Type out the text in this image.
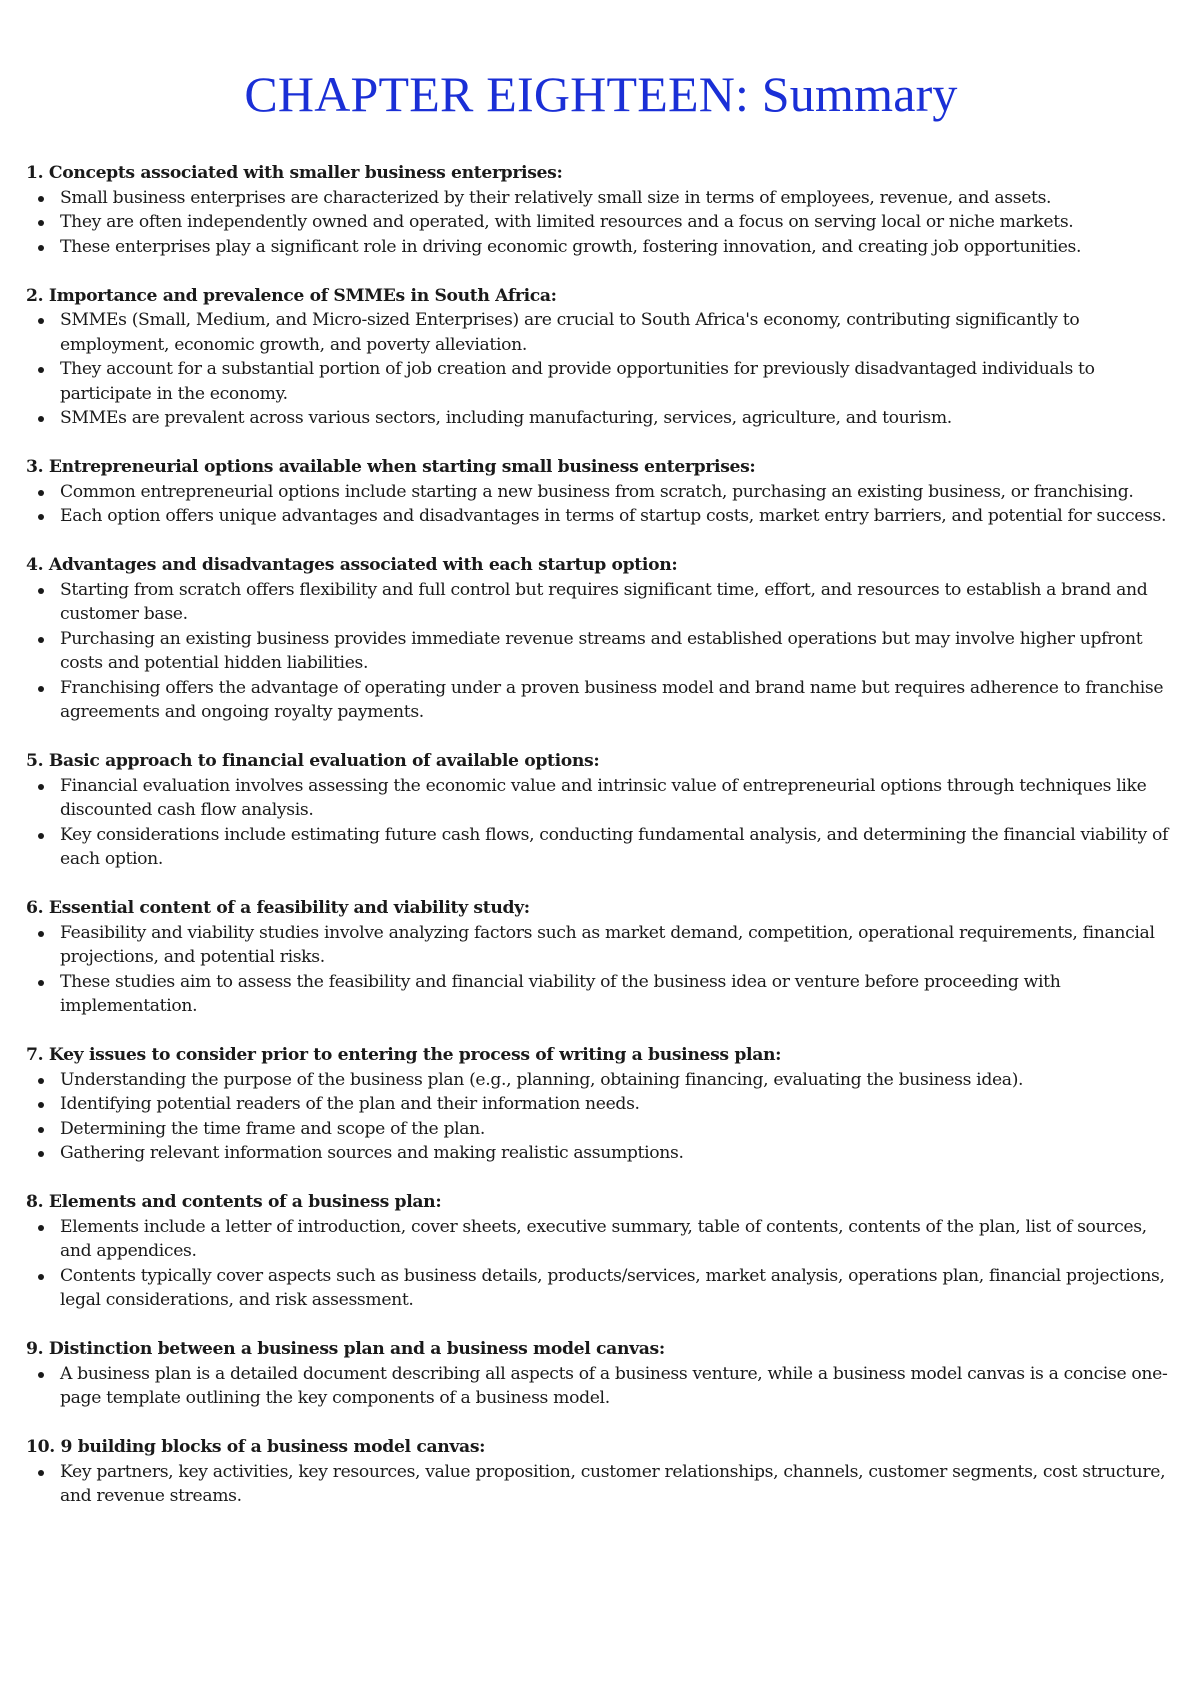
CHAPTER EIGHTEEN: Summary

1. Concepts associated with smaller business enterprises:

Small business enterprises are characterized by their relatively small size in terms of employees, revenue, and assets.
They are often independently owned and operated, with limited resources and a focus on serving local or niche markets.
These enterprises play a significant role in driving economic growth, fostering innovation, and creating job opportunities.

2. Importance and prevalence of SMMEs in South Africa:

SMMEs (Small, Medium, and Micro-sized Enterprises) are crucial to South Africa's economy, contributing significantly to employment, economic growth, and poverty alleviation.
They account for a substantial portion of job creation and provide opportunities for previously disadvantaged individuals to participate in the economy.
SMMEs are prevalent across various sectors, including manufacturing, services, agriculture, and tourism.

3. Entrepreneurial options available when starting small business enterprises:

Common entrepreneurial options include starting a new business from scratch, purchasing an existing business, or franchising.
Each option offers unique advantages and disadvantages in terms of startup costs, market entry barriers, and potential for success.

4. Advantages and disadvantages associated with each startup option:

Starting from scratch offers flexibility and full control but requires significant time, effort, and resources to establish a brand and customer base.
Purchasing an existing business provides immediate revenue streams and established operations but may involve higher upfront costs and potential hidden liabilities.
Franchising offers the advantage of operating under a proven business model and brand name but requires adherence to franchise agreements and ongoing royalty payments.

5. Basic approach to financial evaluation of available options:

Financial evaluation involves assessing the economic value and intrinsic value of entrepreneurial options through techniques like discounted cash flow analysis.
Key considerations include estimating future cash flows, conducting fundamental analysis, and determining the financial viability of each option.

6. Essential content of a feasibility and viability study:

Feasibility and viability studies involve analyzing factors such as market demand, competition, operational requirements, financial projections, and potential risks.
These studies aim to assess the feasibility and financial viability of the business idea or venture before proceeding with implementation.

7. Key issues to consider prior to entering the process of writing a business plan:

Understanding the purpose of the business plan (e.g., planning, obtaining financing, evaluating the business idea).
Identifying potential readers of the plan and their information needs.
Determining the time frame and scope of the plan.
Gathering relevant information sources and making realistic assumptions.

8. Elements and contents of a business plan:

Elements include a letter of introduction, cover sheets, executive summary, table of contents, contents of the plan, list of sources, and appendices.
Contents typically cover aspects such as business details, products/services, market analysis, operations plan, financial projections, legal considerations, and risk assessment.

9. Distinction between a business plan and a business model canvas:

A business plan is a detailed document describing all aspects of a business venture, while a business model canvas is a concise one-page template outlining the key components of a business model.

10. 9 building blocks of a business model canvas:

Key partners, key activities, key resources, value proposition, customer relationships, channels, customer segments, cost structure, and revenue streams.
